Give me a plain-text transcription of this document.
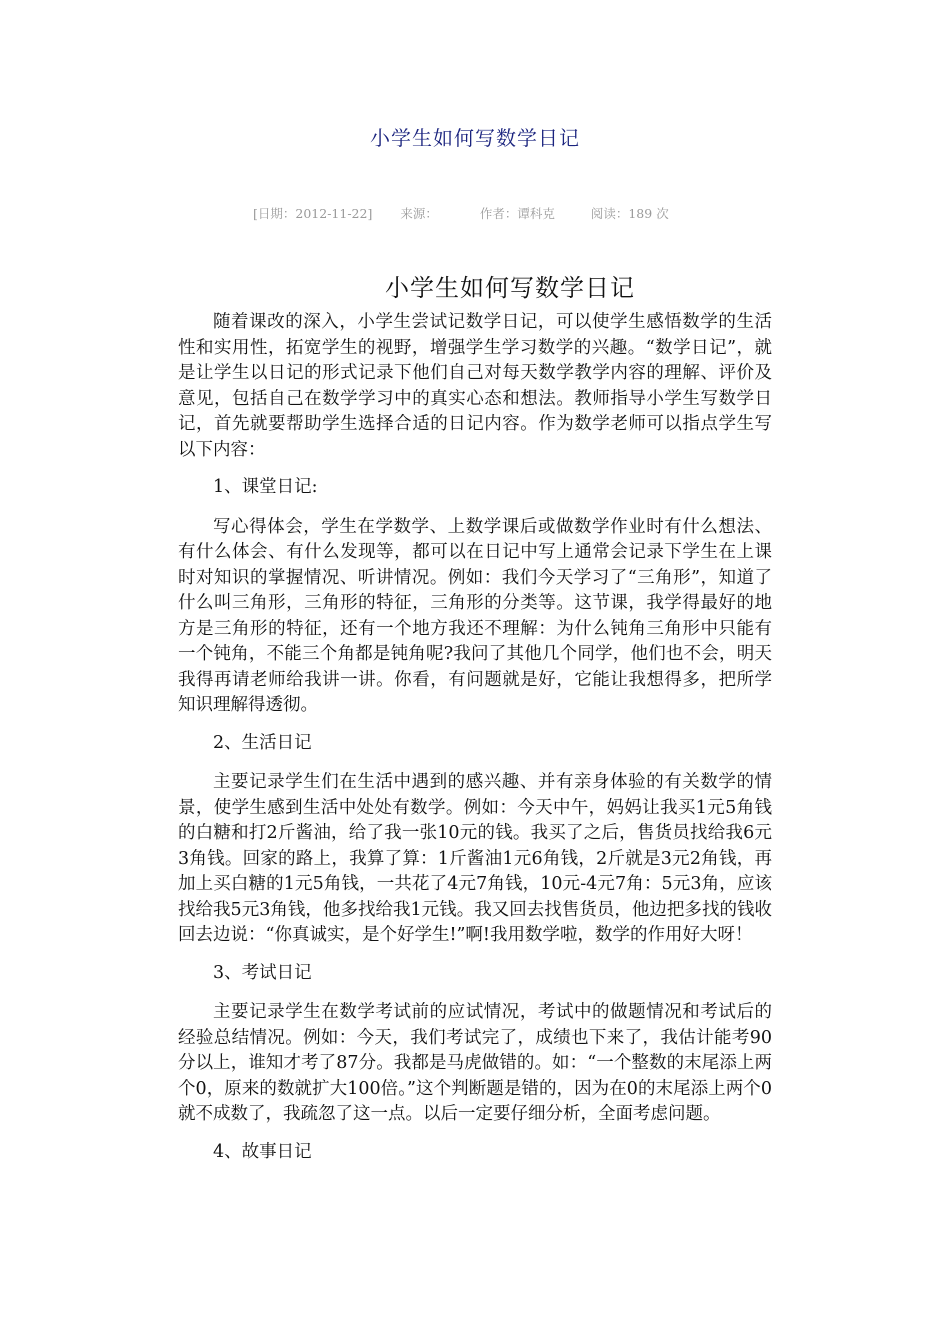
小学生如何写数学日记
[日期：2012-11-22] 来源：	作者：谭科克	阅读：189 次
小学生如何写数学日记

随着课改的深入，小学生尝试记数学日记，可以使学生感悟数学的生活性和实用性，拓宽学生的视野，增强学生学习数学的兴趣。“数学日记”，就是让学生以日记的形式记录下他们自己对每天数学教学内容的理解、评价及意见，包括自己在数学学习中的真实心态和想法。教师指导小学生写数学日记，首先就要帮助学生选择合适的日记内容。作为数学老师可以指点学生写以下内容：

1、课堂日记:

写心得体会，学生在学数学、上数学课后或做数学作业时有什么想法、有什么体会、有什么发现等，都可以在日记中写上通常会记录下学生在上课时对知识的掌握情况、听讲情况。例如：我们今天学习了“三角形”，知道了什么叫三角形，三角形的特征，三角形的分类等。这节课，我学得最好的地方是三角形的特征，还有一个地方我还不理解：为什么钝角三角形中只能有一个钝角，不能三个角都是钝角呢?我问了其他几个同学，他们也不会，明天我得再请老师给我讲一讲。你看，有问题就是好，它能让我想得多，把所学知识理解得透彻。

2、生活日记

主要记录学生们在生活中遇到的感兴趣、并有亲身体验的有关数学的情景，使学生感到生活中处处有数学。例如：今天中午，妈妈让我买1元5角钱的白糖和打2斤酱油，给了我一张10元的钱。我买了之后，售货员找给我6元3角钱。回家的路上，我算了算：1斤酱油1元6角钱，2斤就是3元2角钱，再加上买白糖的1元5角钱，一共花了4元7角钱，10元-4元7角：5元3角，应该找给我5元3角钱，他多找给我1元钱。我又回去找售货员，他边把多找的钱收回去边说：“你真诚实，是个好学生!”啊!我用数学啦，数学的作用好大呀！

3、考试日记

主要记录学生在数学考试前的应试情况，考试中的做题情况和考试后的经验总结情况。例如：今天，我们考试完了，成绩也下来了，我估计能考90分以上，谁知才考了87分。我都是马虎做错的。如：“一个整数的末尾添上两个0，原来的数就扩大100倍。”这个判断题是错的，因为在0的末尾添上两个0就不成数了，我疏忽了这一点。以后一定要仔细分析，全面考虑问题。

4、故事日记
